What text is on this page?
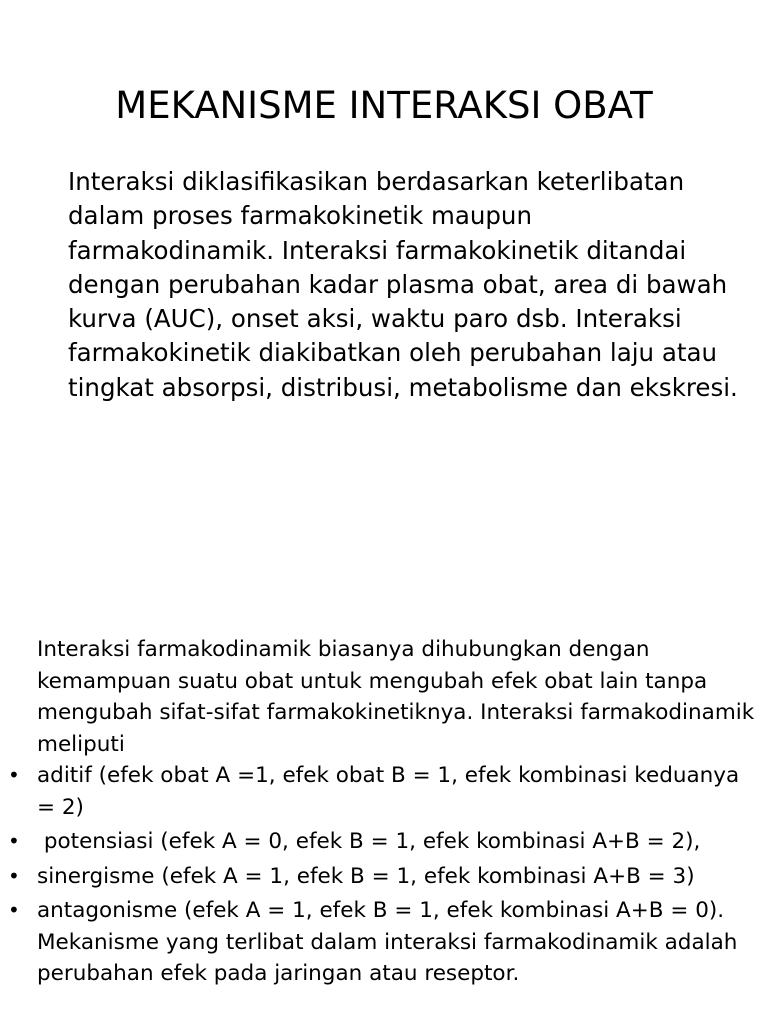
MEKANISME INTERAKSI OBAT

Interaksi diklasifikasikan berdasarkan keterlibatan dalam proses farmakokinetik maupun farmakodinamik. Interaksi farmakokinetik ditandai dengan perubahan kadar plasma obat, area di bawah kurva (AUC), onset aksi, waktu paro dsb. Interaksi farmakokinetik diakibatkan oleh perubahan laju atau tingkat absorpsi, distribusi, metabolisme dan ekskresi.

Interaksi farmakodinamik biasanya dihubungkan dengan kemampuan suatu obat untuk mengubah efek obat lain tanpa mengubah sifat-sifat farmakokinetiknya. Interaksi farmakodinamik meliputi

• aditif (efek obat A =1, efek obat B = 1, efek kombinasi keduanya = 2)
• potensiasi (efek A = 0, efek B = 1, efek kombinasi A+B = 2),
• sinergisme (efek A = 1, efek B = 1, efek kombinasi A+B = 3)
• antagonisme (efek A = 1, efek B = 1, efek kombinasi A+B = 0).

Mekanisme yang terlibat dalam interaksi farmakodinamik adalah perubahan efek pada jaringan atau reseptor.
